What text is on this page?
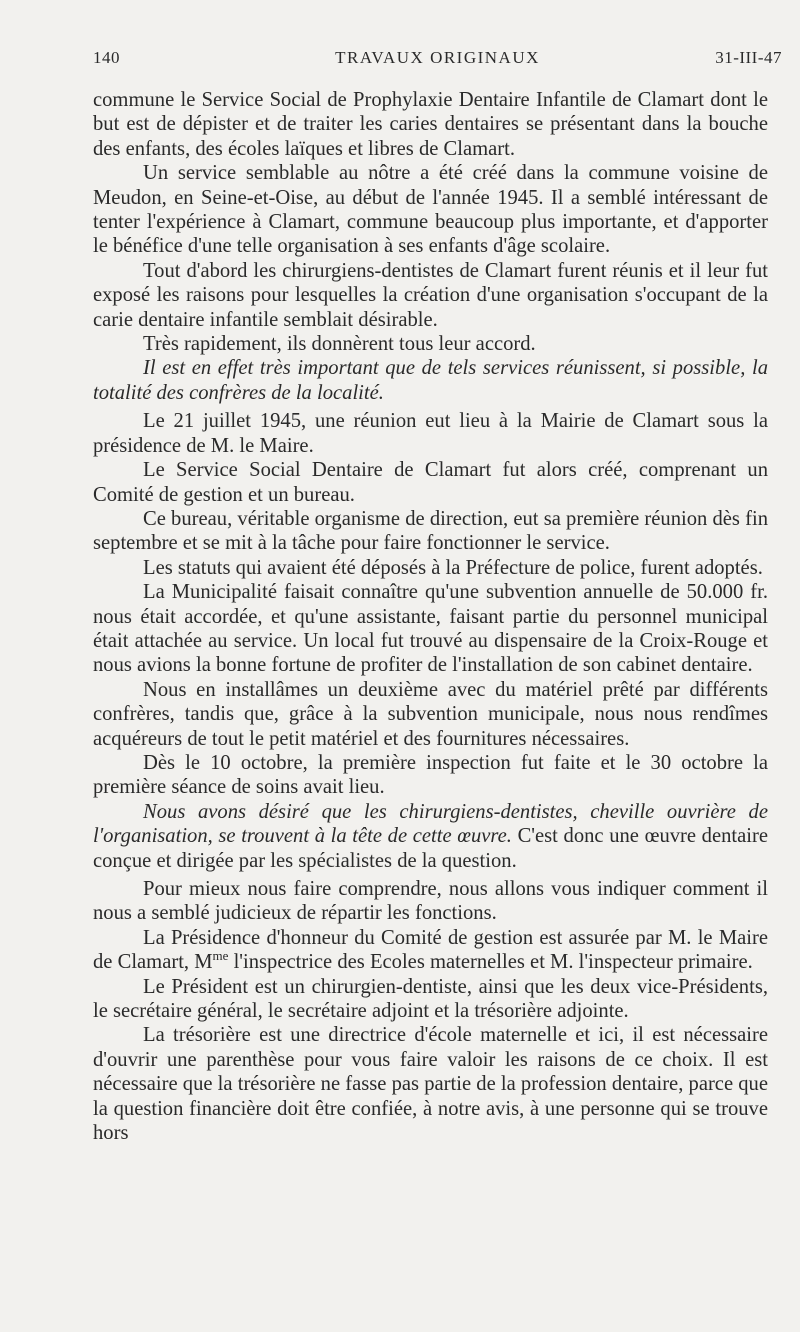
140	TRAVAUX ORIGINAUX	31-III-47

commune le Service Social de Prophylaxie Dentaire Infantile de Clamart dont le but est de dépister et de traiter les caries dentaires se présentant dans la bouche des enfants, des écoles laïques et libres de Clamart.

Un service semblable au nôtre a été créé dans la commune voisine de Meudon, en Seine-et-Oise, au début de l'année 1945. Il a semblé intéressant de tenter l'expérience à Clamart, commune beaucoup plus importante, et d'apporter le bénéfice d'une telle organisation à ses enfants d'âge scolaire.

Tout d'abord les chirurgiens-dentistes de Clamart furent réunis et il leur fut exposé les raisons pour lesquelles la création d'une organisation s'occupant de la carie dentaire infantile semblait désirable.

Très rapidement, ils donnèrent tous leur accord.

Il est en effet très important que de tels services réunissent, si possible, la totalité des confrères de la localité.

Le 21 juillet 1945, une réunion eut lieu à la Mairie de Clamart sous la présidence de M. le Maire.

Le Service Social Dentaire de Clamart fut alors créé, comprenant un Comité de gestion et un bureau.

Ce bureau, véritable organisme de direction, eut sa première réunion dès fin septembre et se mit à la tâche pour faire fonctionner le service.

Les statuts qui avaient été déposés à la Préfecture de police, furent adoptés.

La Municipalité faisait connaître qu'une subvention annuelle de 50.000 fr. nous était accordée, et qu'une assistante, faisant partie du personnel municipal était attachée au service. Un local fut trouvé au dispensaire de la Croix-Rouge et nous avions la bonne fortune de profiter de l'installation de son cabinet dentaire.

Nous en installâmes un deuxième avec du matériel prêté par différents confrères, tandis que, grâce à la subvention municipale, nous nous rendîmes acquéreurs de tout le petit matériel et des fournitures nécessaires.

Dès le 10 octobre, la première inspection fut faite et le 30 octobre la première séance de soins avait lieu.

Nous avons désiré que les chirurgiens-dentistes, cheville ouvrière de l'organisation, se trouvent à la tête de cette œuvre. C'est donc une œuvre dentaire conçue et dirigée par les spécialistes de la question.

Pour mieux nous faire comprendre, nous allons vous indiquer comment il nous a semblé judicieux de répartir les fonctions.

La Présidence d'honneur du Comité de gestion est assurée par M. le Maire de Clamart, $M^{me}$ l'inspectrice des Ecoles maternelles et M. l'inspecteur primaire.

Le Président est un chirurgien-dentiste, ainsi que les deux vice-Présidents, le secrétaire général, le secrétaire adjoint et la trésorière adjointe.

La trésorière est une directrice d'école maternelle et ici, il est nécessaire d'ouvrir une parenthèse pour vous faire valoir les raisons de ce choix. Il est nécessaire que la trésorière ne fasse pas partie de la profession dentaire, parce que la question financière doit être confiée, à notre avis, à une personne qui se trouve hors
